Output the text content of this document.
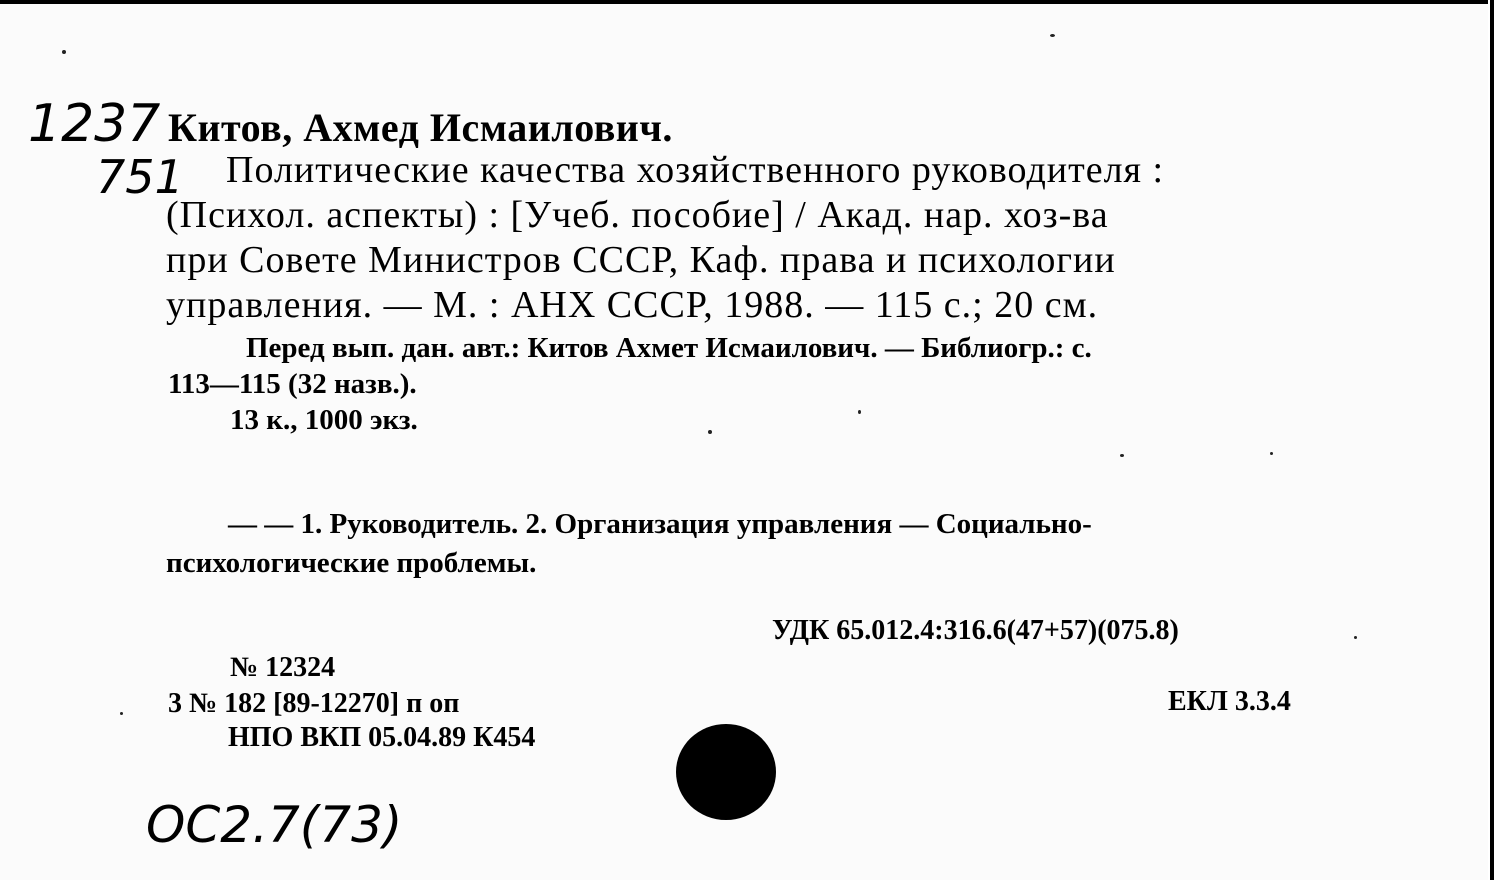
1237
751
Китов, Ахмед Исмаилович.
Политические качества хозяйственного руководителя :
(Психол. аспекты) : [Учеб. пособие] / Акад. нар. хоз-ва
при Совете Министров СССР, Каф. права и психологии
управления. — М. : АНХ СССР, 1988. — 115 с.; 20 см.
Перед вып. дан. авт.: Китов Ахмет Исмаилович. — Библиогр.: с.
113—115 (32 назв.).
13 к., 1000 экз.
— — 1. Руководитель. 2. Организация управления — Социально-
психологические проблемы.
УДК 65.012.4:316.6(47+57)(075.8)
№ 12324
3 № 182 [89-12270] п оп	ЕКЛ 3.3.4
НПО ВКП 05.04.89 К454
ОС2.7(73)
